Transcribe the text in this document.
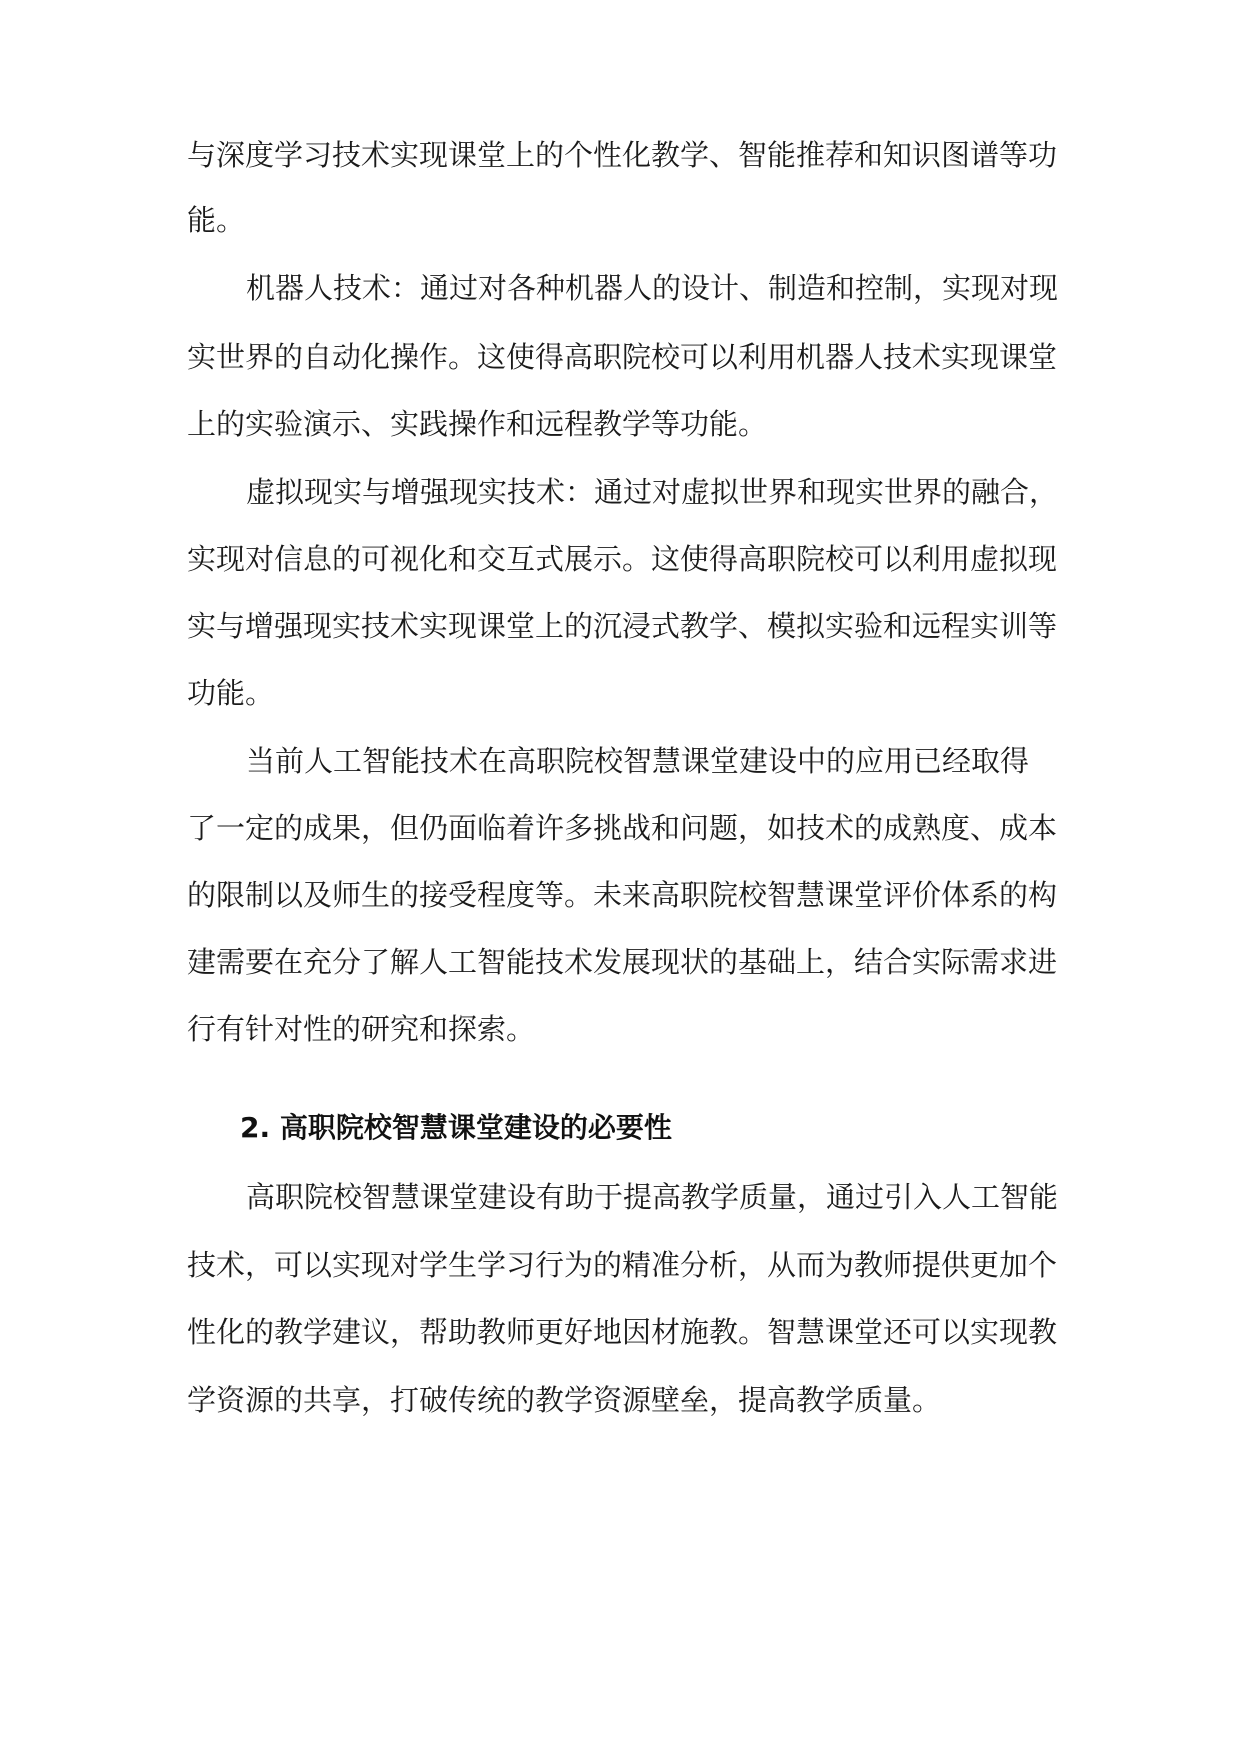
与深度学习技术实现课堂上的个性化教学、智能推荐和知识图谱等功

能。

机器人技术：通过对各种机器人的设计、制造和控制，实现对现

实世界的自动化操作。这使得高职院校可以利用机器人技术实现课堂

上的实验演示、实践操作和远程教学等功能。

虚拟现实与增强现实技术：通过对虚拟世界和现实世界的融合，

实现对信息的可视化和交互式展示。这使得高职院校可以利用虚拟现

实与增强现实技术实现课堂上的沉浸式教学、模拟实验和远程实训等

功能。

当前人工智能技术在高职院校智慧课堂建设中的应用已经取得

了一定的成果，但仍面临着许多挑战和问题，如技术的成熟度、成本

的限制以及师生的接受程度等。未来高职院校智慧课堂评价体系的构

建需要在充分了解人工智能技术发展现状的基础上，结合实际需求进

行有针对性的研究和探索。

2. 高职院校智慧课堂建设的必要性

高职院校智慧课堂建设有助于提高教学质量，通过引入人工智能

技术，可以实现对学生学习行为的精准分析，从而为教师提供更加个

性化的教学建议，帮助教师更好地因材施教。智慧课堂还可以实现教

学资源的共享，打破传统的教学资源壁垒，提高教学质量。
